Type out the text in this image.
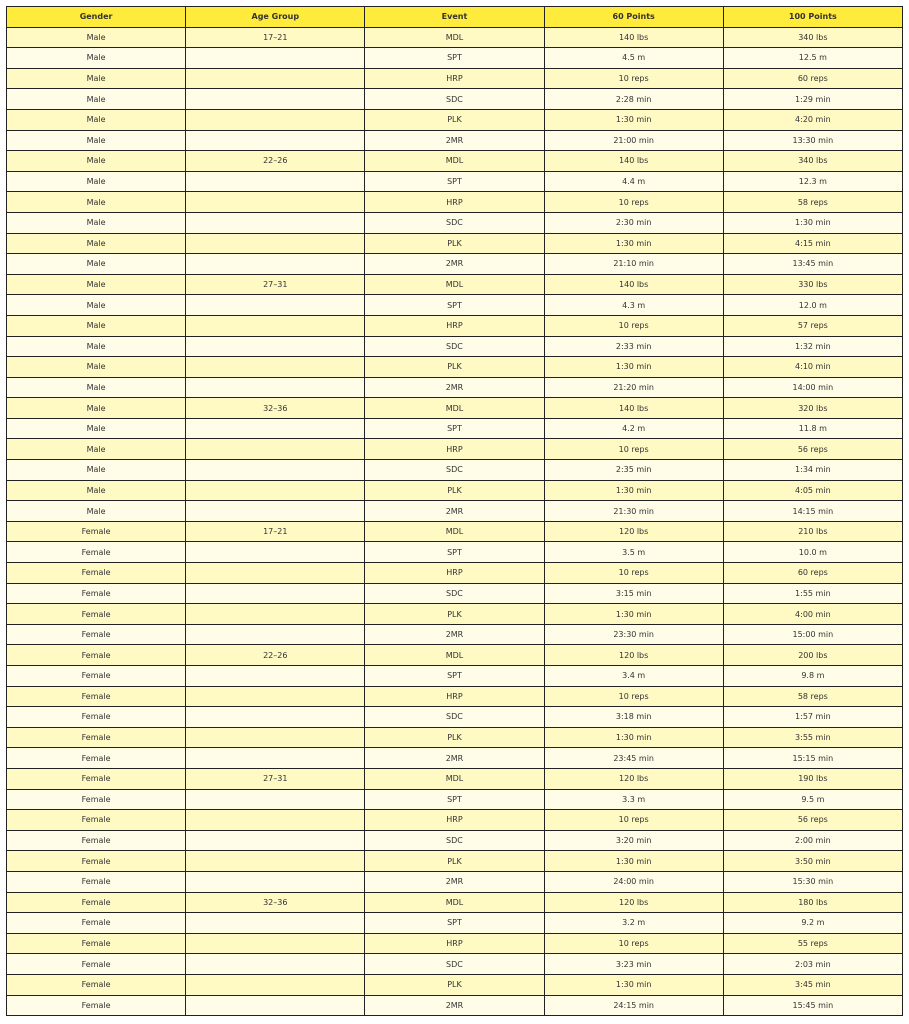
Gender	Age Group	Event	60 Points	100 Points
Male	17–21	MDL	140 lbs	340 lbs
Male		SPT	4.5 m	12.5 m
Male		HRP	10 reps	60 reps
Male		SDC	2:28 min	1:29 min
Male		PLK	1:30 min	4:20 min
Male		2MR	21:00 min	13:30 min
Male	22–26	MDL	140 lbs	340 lbs
Male		SPT	4.4 m	12.3 m
Male		HRP	10 reps	58 reps
Male		SDC	2:30 min	1:30 min
Male		PLK	1:30 min	4:15 min
Male		2MR	21:10 min	13:45 min
Male	27–31	MDL	140 lbs	330 lbs
Male		SPT	4.3 m	12.0 m
Male		HRP	10 reps	57 reps
Male		SDC	2:33 min	1:32 min
Male		PLK	1:30 min	4:10 min
Male		2MR	21:20 min	14:00 min
Male	32–36	MDL	140 lbs	320 lbs
Male		SPT	4.2 m	11.8 m
Male		HRP	10 reps	56 reps
Male		SDC	2:35 min	1:34 min
Male		PLK	1:30 min	4:05 min
Male		2MR	21:30 min	14:15 min
Female	17–21	MDL	120 lbs	210 lbs
Female		SPT	3.5 m	10.0 m
Female		HRP	10 reps	60 reps
Female		SDC	3:15 min	1:55 min
Female		PLK	1:30 min	4:00 min
Female		2MR	23:30 min	15:00 min
Female	22–26	MDL	120 lbs	200 lbs
Female		SPT	3.4 m	9.8 m
Female		HRP	10 reps	58 reps
Female		SDC	3:18 min	1:57 min
Female		PLK	1:30 min	3:55 min
Female		2MR	23:45 min	15:15 min
Female	27–31	MDL	120 lbs	190 lbs
Female		SPT	3.3 m	9.5 m
Female		HRP	10 reps	56 reps
Female		SDC	3:20 min	2:00 min
Female		PLK	1:30 min	3:50 min
Female		2MR	24:00 min	15:30 min
Female	32–36	MDL	120 lbs	180 lbs
Female		SPT	3.2 m	9.2 m
Female		HRP	10 reps	55 reps
Female		SDC	3:23 min	2:03 min
Female		PLK	1:30 min	3:45 min
Female		2MR	24:15 min	15:45 min
